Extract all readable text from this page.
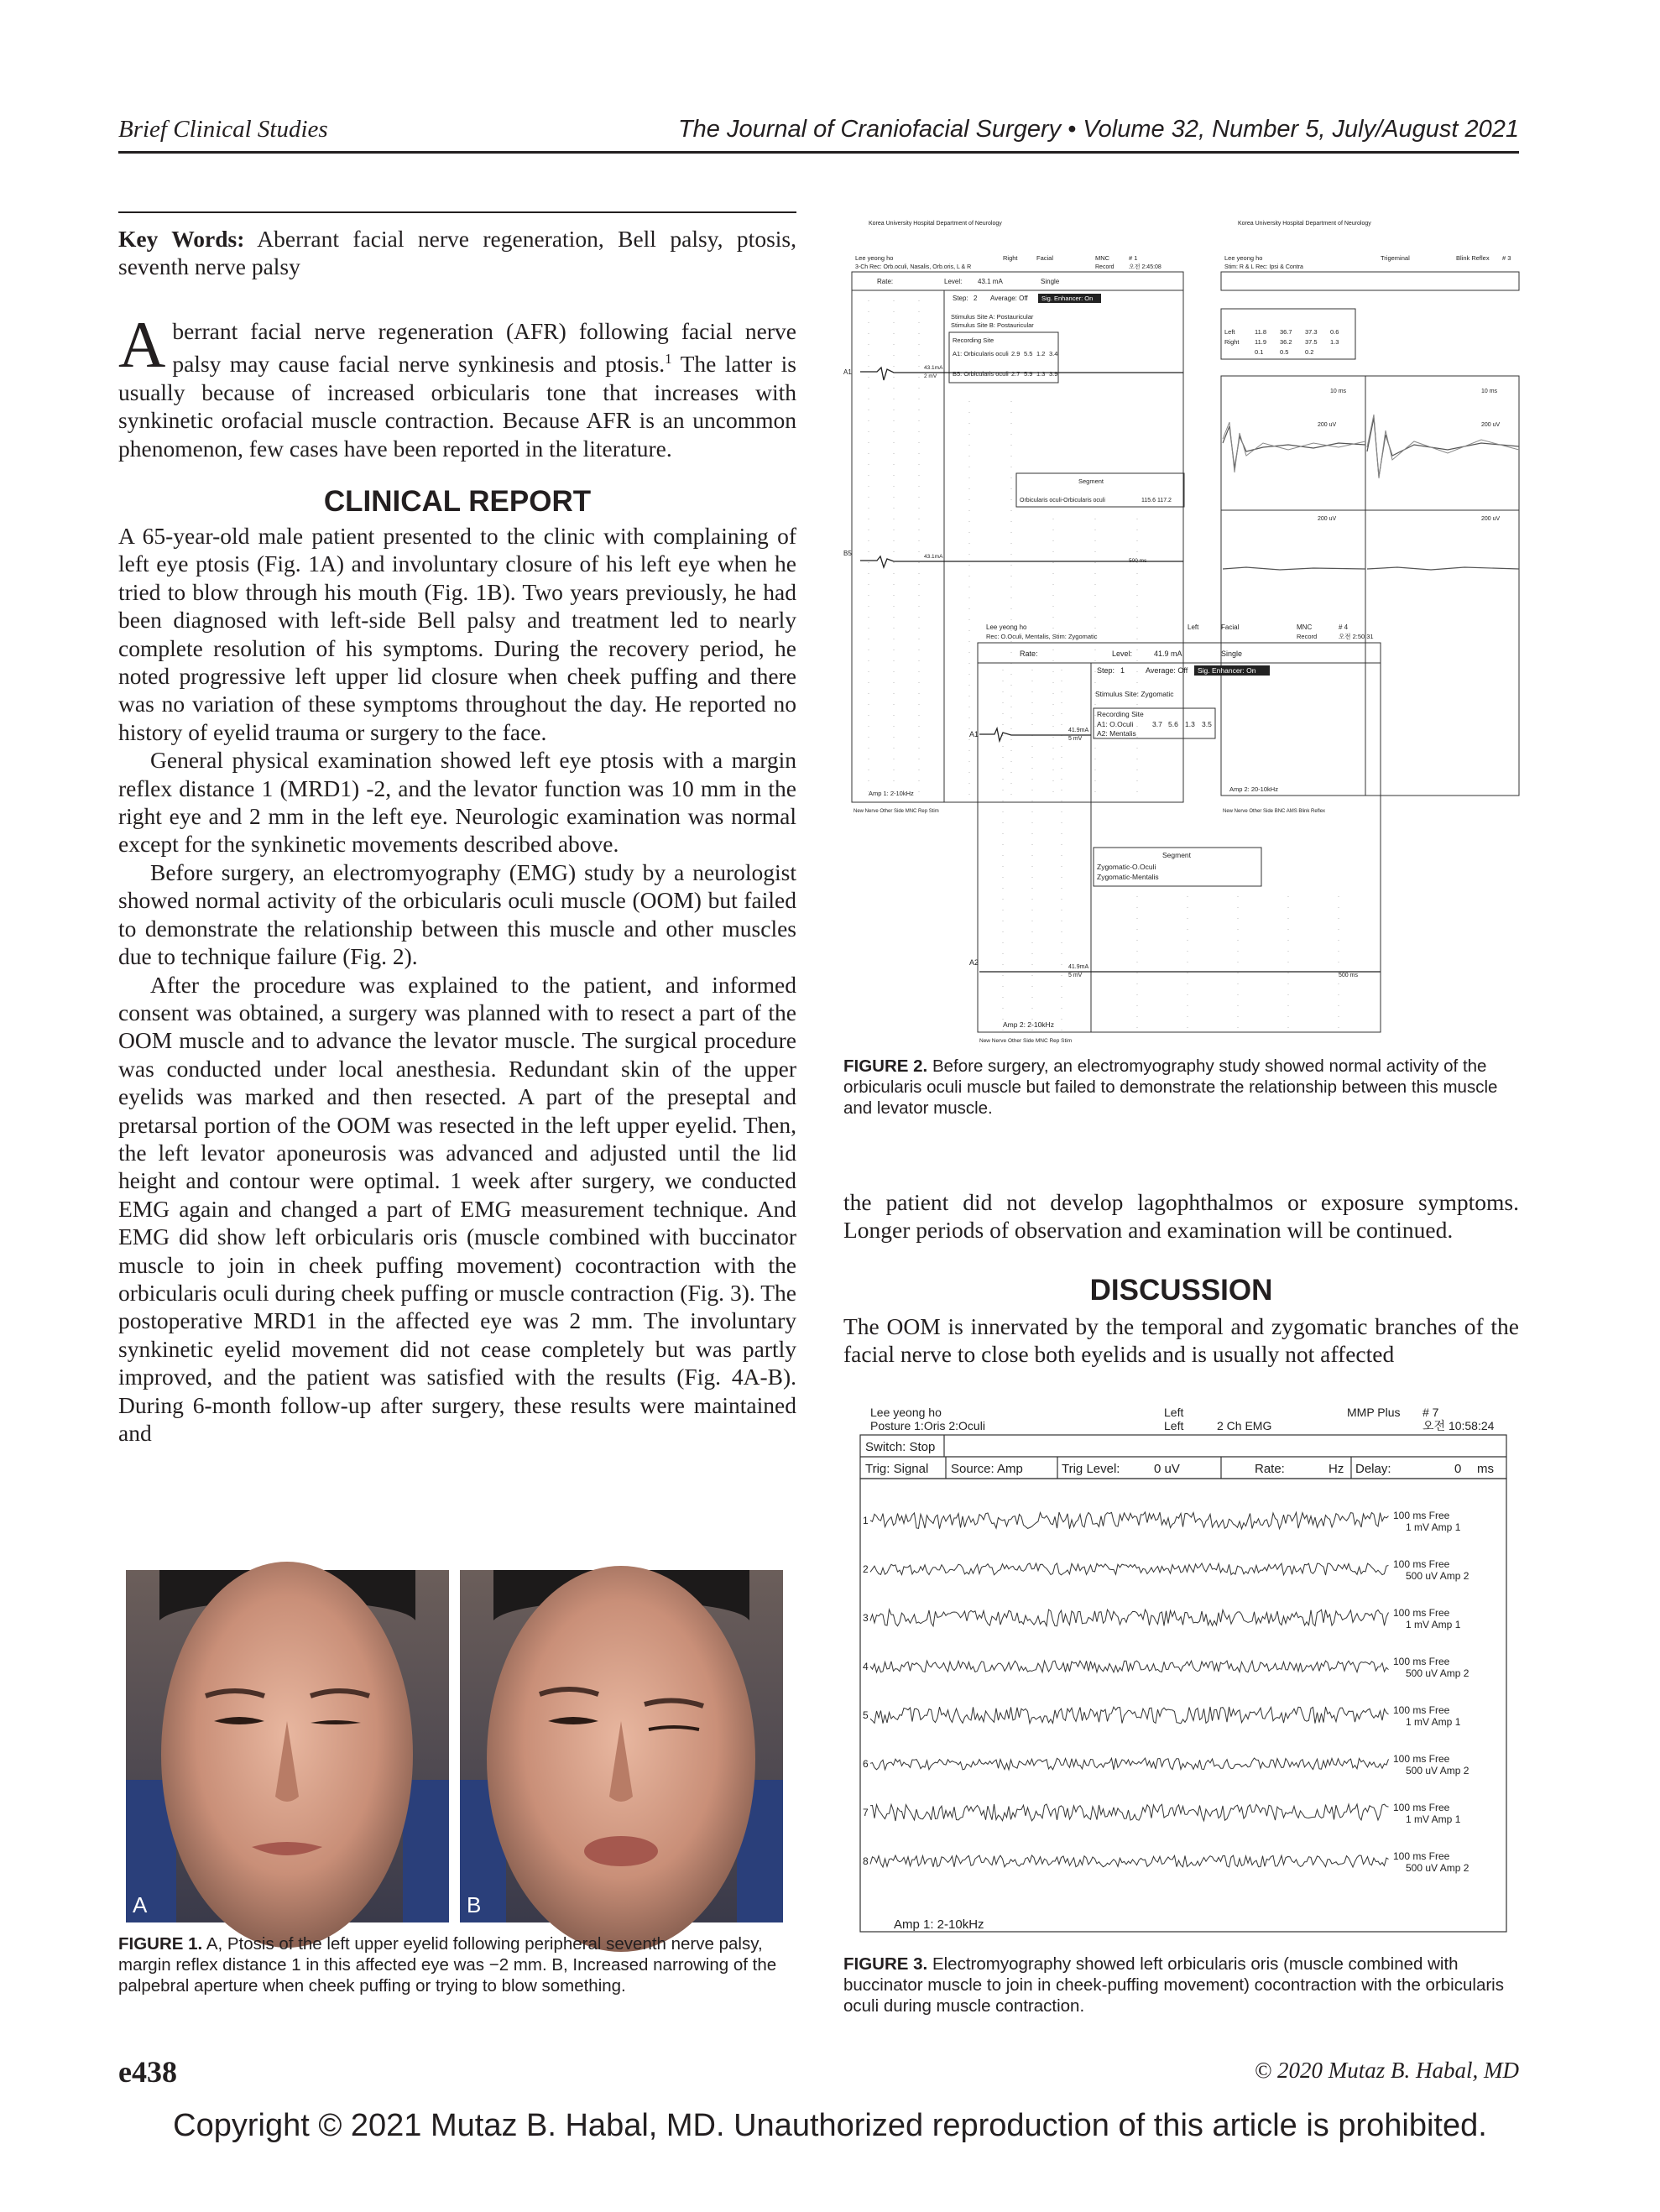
Brief Clinical Studies	The Journal of Craniofacial Surgery • Volume 32, Number 5, July/August 2021

Key Words: Aberrant facial nerve regeneration, Bell palsy, ptosis, seventh nerve palsy

Aberrant facial nerve regeneration (AFR) following facial nerve palsy may cause facial nerve synkinesis and ptosis.$^1$ The latter is usually because of increased orbicularis tone that increases with synkinetic orofacial muscle contraction. Because AFR is an uncommon phenomenon, few cases have been reported in the literature.

CLINICAL REPORT

A 65-year-old male patient presented to the clinic with complaining of left eye ptosis (Fig. 1A) and involuntary closure of his left eye when he tried to blow through his mouth (Fig. 1B). Two years previously, he had been diagnosed with left-side Bell palsy and treatment led to nearly complete resolution of his symptoms. During the recovery period, he noted progressive left upper lid closure when cheek puffing and there was no variation of these symptoms throughout the day. He reported no history of eyelid trauma or surgery to the face.

General physical examination showed left eye ptosis with a margin reflex distance 1 (MRD1) -2, and the levator function was 10 mm in the right eye and 2 mm in the left eye. Neurologic examination was normal except for the synkinetic movements described above.

Before surgery, an electromyography (EMG) study by a neurologist showed normal activity of the orbicularis oculi muscle (OOM) but failed to demonstrate the relationship between this muscle and other muscles due to technique failure (Fig. 2).

After the procedure was explained to the patient, and informed consent was obtained, a surgery was planned with to resect a part of the OOM muscle and to advance the levator muscle. The surgical procedure was conducted under local anesthesia. Redundant skin of the upper eyelids was marked and then resected. A part of the preseptal and pretarsal portion of the OOM was resected in the left upper eyelid. Then, the left levator aponeurosis was advanced and adjusted until the lid height and contour were optimal. 1 week after surgery, we conducted EMG again and changed a part of EMG measurement technique. And EMG did show left orbicularis oris (muscle combined with buccinator muscle to join in cheek puffing movement) cocontraction with the orbicularis oculi during cheek puffing or muscle contraction (Fig. 3). The postoperative MRD1 in the affected eye was 2 mm. The involuntary synkinetic eyelid movement did not cease completely but was partly improved, and the patient was satisfied with the results (Fig. 4A-B). During 6-month follow-up after surgery, these results were maintained and

A	B
FIGURE 1. A, Ptosis of the left upper eyelid following peripheral seventh nerve palsy, margin reflex distance 1 in this affected eye was −2 mm. B, Increased narrowing of the palpebral aperture when cheek puffing or trying to blow something.
Korea University Hospital Department of Neurology
Lee yeong ho
3-Ch Rec: Orb.oculi, Nasalis, Orb.oris, L & R
Right	Facial	MNC
Record
# 1
오전 2:45:08
Rate:	Level: 43.1 mA	Single
Step: 2 Average: Off Sig. Enhancer: On
Stimulus Site A: Postauricular
Stimulus Site B: Postauricular
Recording Site
A1: Orbicularis oculi 2.9 5.5 1.2 3.4
B5: Orbicularis oculi 2.7 5.9 1.3 3.9
Segment
Orbicularis oculi-Orbicularis oculi	115.6 117.2
A1
B5
43.1mA
2 mV
43.1mA
500 ms
Amp 1: 2-10kHz
New Nerve Other Side MNC Rep Stim
Korea University Hospital Department of Neurology
Lee yeong ho
Stim: R & L Rec: Ipsi & Contra
Trigeminal	Blink Reflex # 3
Left	11.8 36.7 37.3 0.6
Right 11.9 36.2 37.5 1.3
0.1	0.5	0.2
200 uV
200 uV
200 uV
200 uV
10 ms
10 ms
Amp 2: 20-10kHz
New Nerve Other Side BNC AMS Blink Reflex
Lee yeong ho
Rec: O.Oculi, Mentalis, Stim: Zygomatic
Left	Facial	MNC
Record
# 4
오전 2:50:31
Rate:	Level:	41.9 mA	Single
Step: 1	Average: Off Sig. Enhancer: On
Stimulus Site: Zygomatic
Recording Site
A1: O.Oculi	3.7 5.6 1.3 3.5
A2: Mentalis
Segment
Zygomatic-O.Oculi
Zygomatic-Mentalis
A1
A2
41.9mA
5 mV
41.9mA
5 mV	500 ms
Amp 2: 2-10kHz
New Nerve Other Side MNC Rep Stim
FIGURE 2. Before surgery, an electromyography study showed normal activity of the orbicularis oculi muscle but failed to demonstrate the relationship between this muscle and levator muscle.

the patient did not develop lagophthalmos or exposure symptoms. Longer periods of observation and examination will be continued.

DISCUSSION

The OOM is innervated by the temporal and zygomatic branches of the facial nerve to close both eyelids and is usually not affected

Lee yeong ho
Posture 1:Oris 2:Oculi
Left
Left	2 Ch EMG
MMP Plus # 7
오전 10:58:24
Switch: Stop
Trig: Signal Source: Amp	Trig Level:	0 uV	Rate:	Hz Delay:	0 ms
1	100 ms Free
1 mV Amp 1
2	100 ms Free
500 uV Amp 2
3	100 ms Free
1 mV Amp 1
4	100 ms Free
500 uV Amp 2
5	100 ms Free
1 mV Amp 1
6	100 ms Free
500 uV Amp 2
7	100 ms Free
1 mV Amp 1
8	100 ms Free
500 uV Amp 2
Amp 1: 2-10kHz
FIGURE 3. Electromyography showed left orbicularis oris (muscle combined with buccinator muscle to join in cheek-puffing movement) cocontraction with the orbicularis oculi during muscle contraction.
e438	© 2020 Mutaz B. Habal, MD
Copyright © 2021 Mutaz B. Habal, MD. Unauthorized reproduction of this article is prohibited.
